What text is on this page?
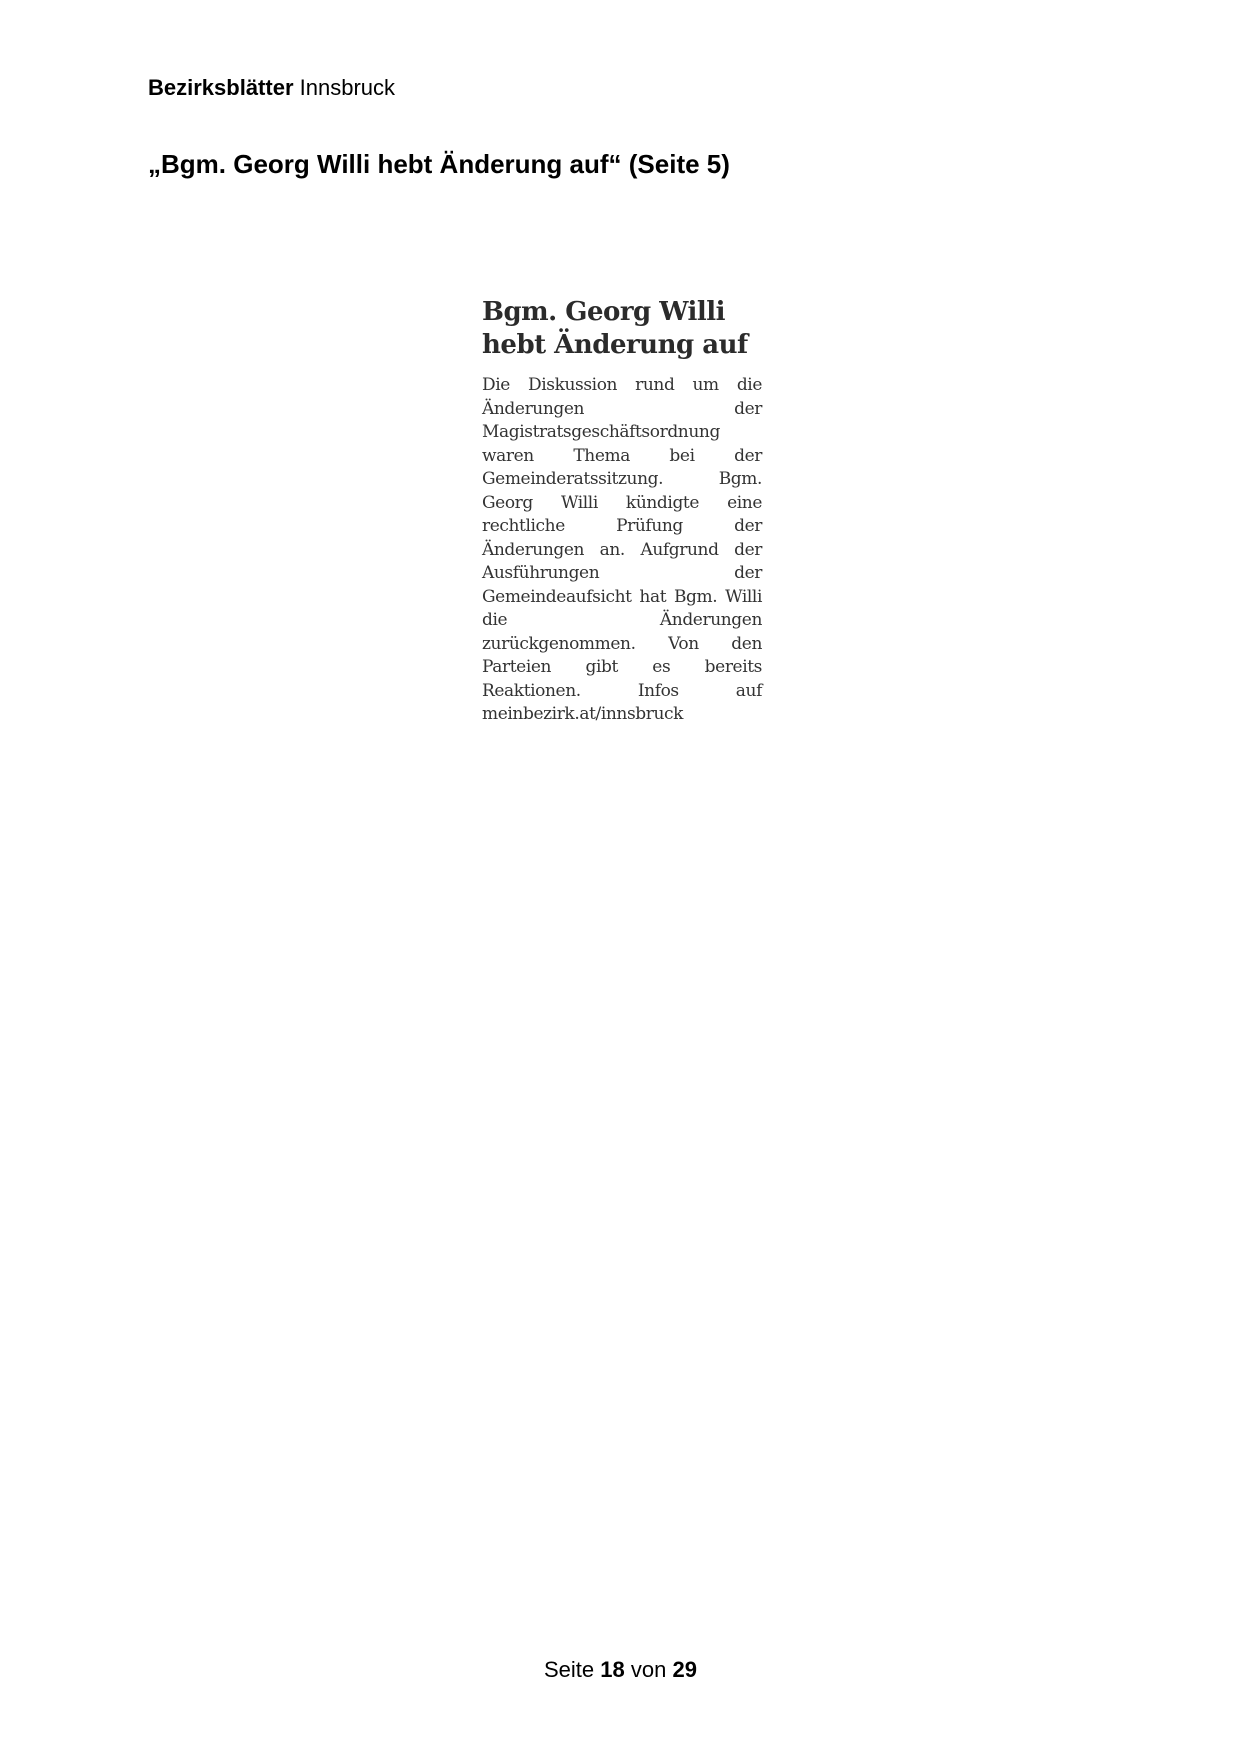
Bezirksblätter Innsbruck
„Bgm. Georg Willi hebt Änderung auf“ (Seite 5)
Bgm. Georg Willi
hebt Änderung auf

Die Diskussion rund um die Änderungen der Magistratsgeschäftsordnung waren Thema bei der Gemeinderatssitzung. Bgm. Georg Willi kündigte eine rechtliche Prüfung der Änderungen an. Aufgrund der Ausführungen der Gemeindeaufsicht hat Bgm. Willi die Änderungen zurückgenommen. Von den Parteien gibt es bereits Reaktionen. Infos auf meinbezirk.at/innsbruck

Seite 18 von 29
